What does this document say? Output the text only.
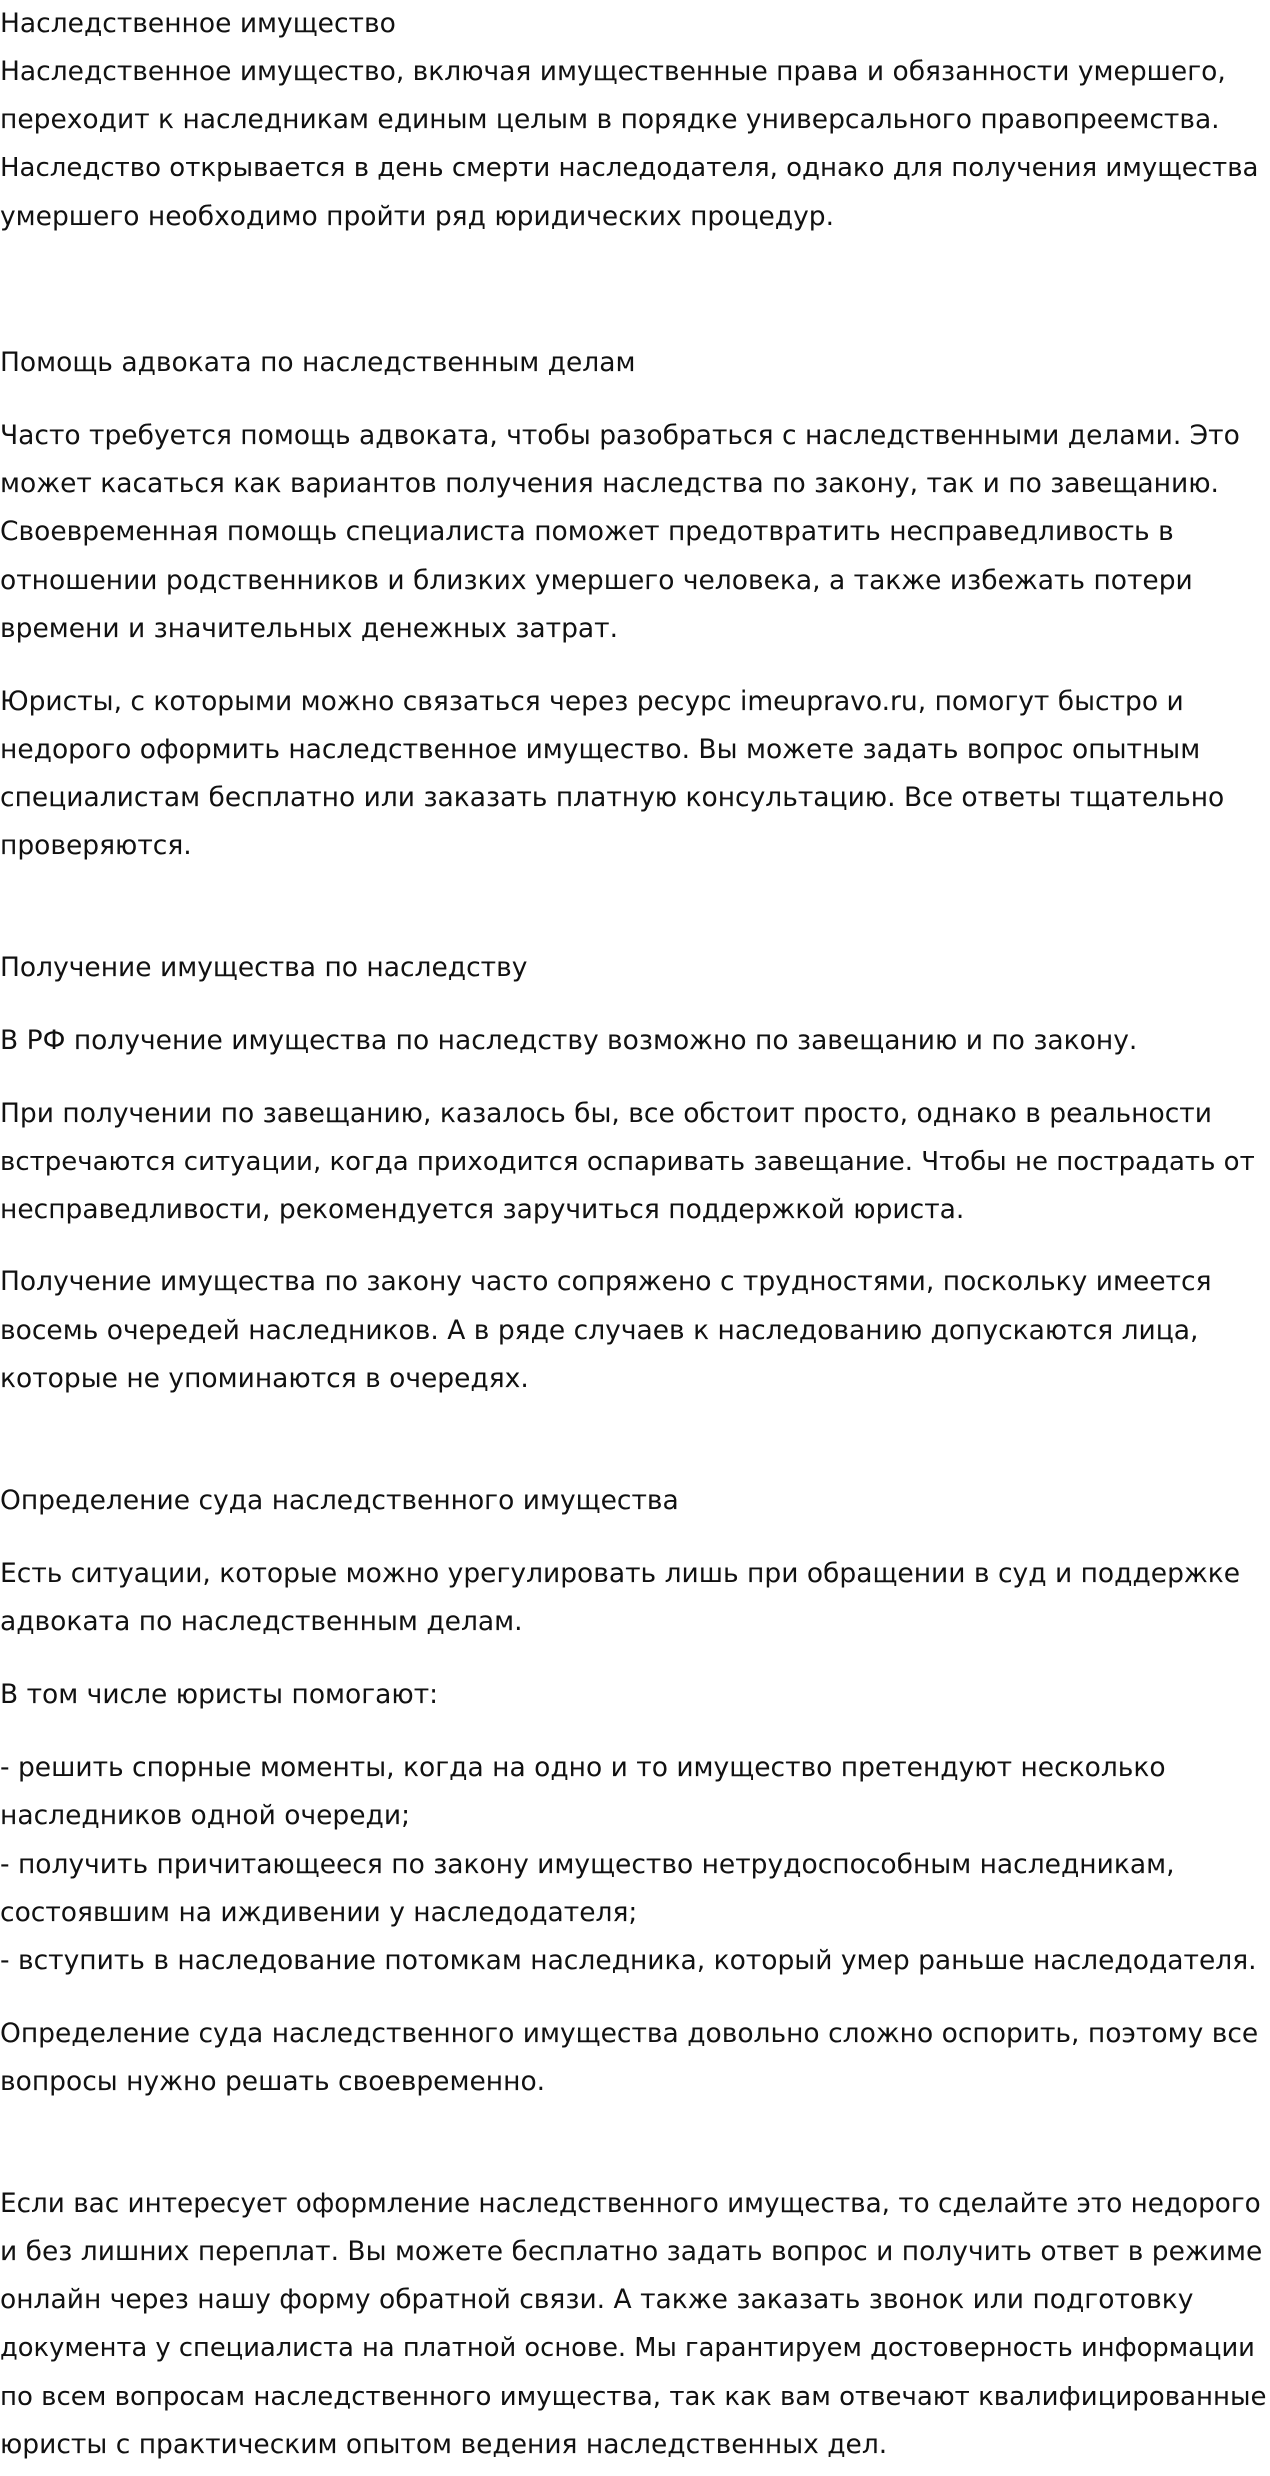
Наследственное имущество

Наследственное имущество, включая имущественные права и обязанности умершего,

переходит к наследникам единым целым в порядке универсального правопреемства.

Наследство открывается в день смерти наследодателя, однако для получения имущества

умершего необходимо пройти ряд юридических процедур.

Помощь адвоката по наследственным делам

Часто требуется помощь адвоката, чтобы разобраться с наследственными делами. Это

может касаться как вариантов получения наследства по закону, так и по завещанию.

Своевременная помощь специалиста поможет предотвратить несправедливость в

отношении родственников и близких умершего человека, а также избежать потери

времени и значительных денежных затрат.

Юристы, с которыми можно связаться через ресурс imeupravo.ru, помогут быстро и

недорого оформить наследственное имущество. Вы можете задать вопрос опытным

специалистам бесплатно или заказать платную консультацию. Все ответы тщательно

проверяются.

Получение имущества по наследству

В РФ получение имущества по наследству возможно по завещанию и по закону.

При получении по завещанию, казалось бы, все обстоит просто, однако в реальности

встречаются ситуации, когда приходится оспаривать завещание. Чтобы не пострадать от

несправедливости, рекомендуется заручиться поддержкой юриста.

Получение имущества по закону часто сопряжено с трудностями, поскольку имеется

восемь очередей наследников. А в ряде случаев к наследованию допускаются лица,

которые не упоминаются в очередях.

Определение суда наследственного имущества

Есть ситуации, которые можно урегулировать лишь при обращении в суд и поддержке

адвоката по наследственным делам.

В том числе юристы помогают:

- решить спорные моменты, когда на одно и то имущество претендуют несколько

наследников одной очереди;

- получить причитающееся по закону имущество нетрудоспособным наследникам,

состоявшим на иждивении у наследодателя;

- вступить в наследование потомкам наследника, который умер раньше наследодателя.

Определение суда наследственного имущества довольно сложно оспорить, поэтому все

вопросы нужно решать своевременно.

Если вас интересует оформление наследственного имущества, то сделайте это недорого

и без лишних переплат. Вы можете бесплатно задать вопрос и получить ответ в режиме

онлайн через нашу форму обратной связи. А также заказать звонок или подготовку

документа у специалиста на платной основе. Мы гарантируем достоверность информации

по всем вопросам наследственного имущества, так как вам отвечают квалифицированные

юристы с практическим опытом ведения наследственных дел.
